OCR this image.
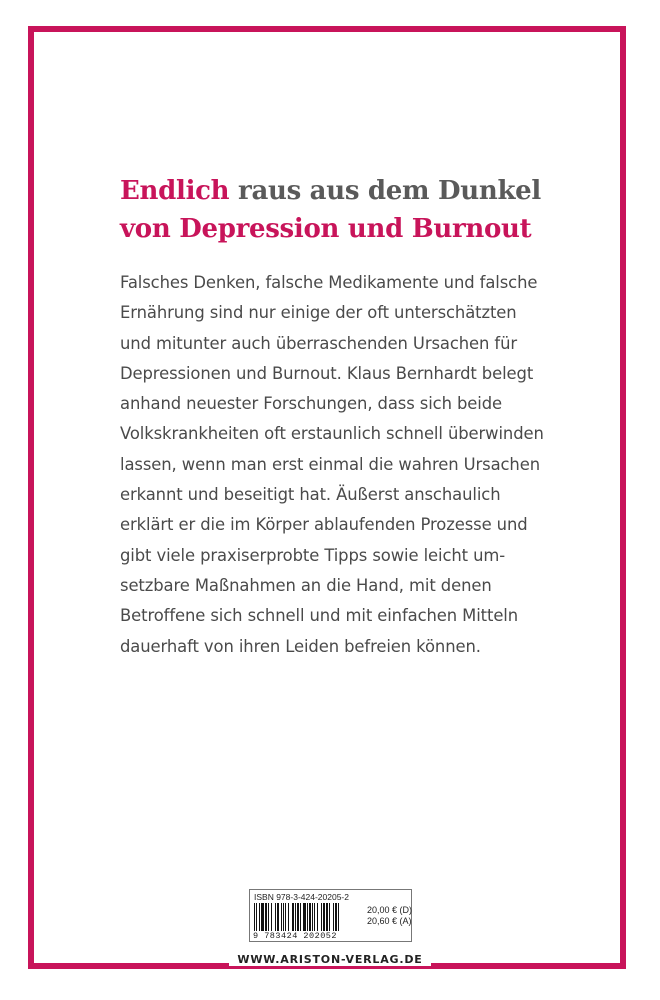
Endlich raus aus dem Dunkel
von Depression und Burnout
Falsches Denken, falsche Medikamente und falsche
Ernährung sind nur einige der oft unterschätzten
und mitunter auch überraschenden Ursachen für
Depressionen und Burnout. Klaus Bernhardt belegt
anhand neuester Forschungen, dass sich beide
Volkskrankheiten oft erstaunlich schnell überwinden
lassen, wenn man erst einmal die wahren Ursachen
erkannt und beseitigt hat. Äußerst anschaulich
erklärt er die im Körper ablaufenden Prozesse und
gibt viele praxiserprobte Tipps sowie leicht um-
setzbare Maßnahmen an die Hand, mit denen
Betroffene sich schnell und mit einfachen Mitteln
dauerhaft von ihren Leiden befreien können.
ISBN 978-3-424-20205-2
9 783424 202052
20,00 € (D)
20,60 € (A)
WWW.ARISTON-VERLAG.DE
